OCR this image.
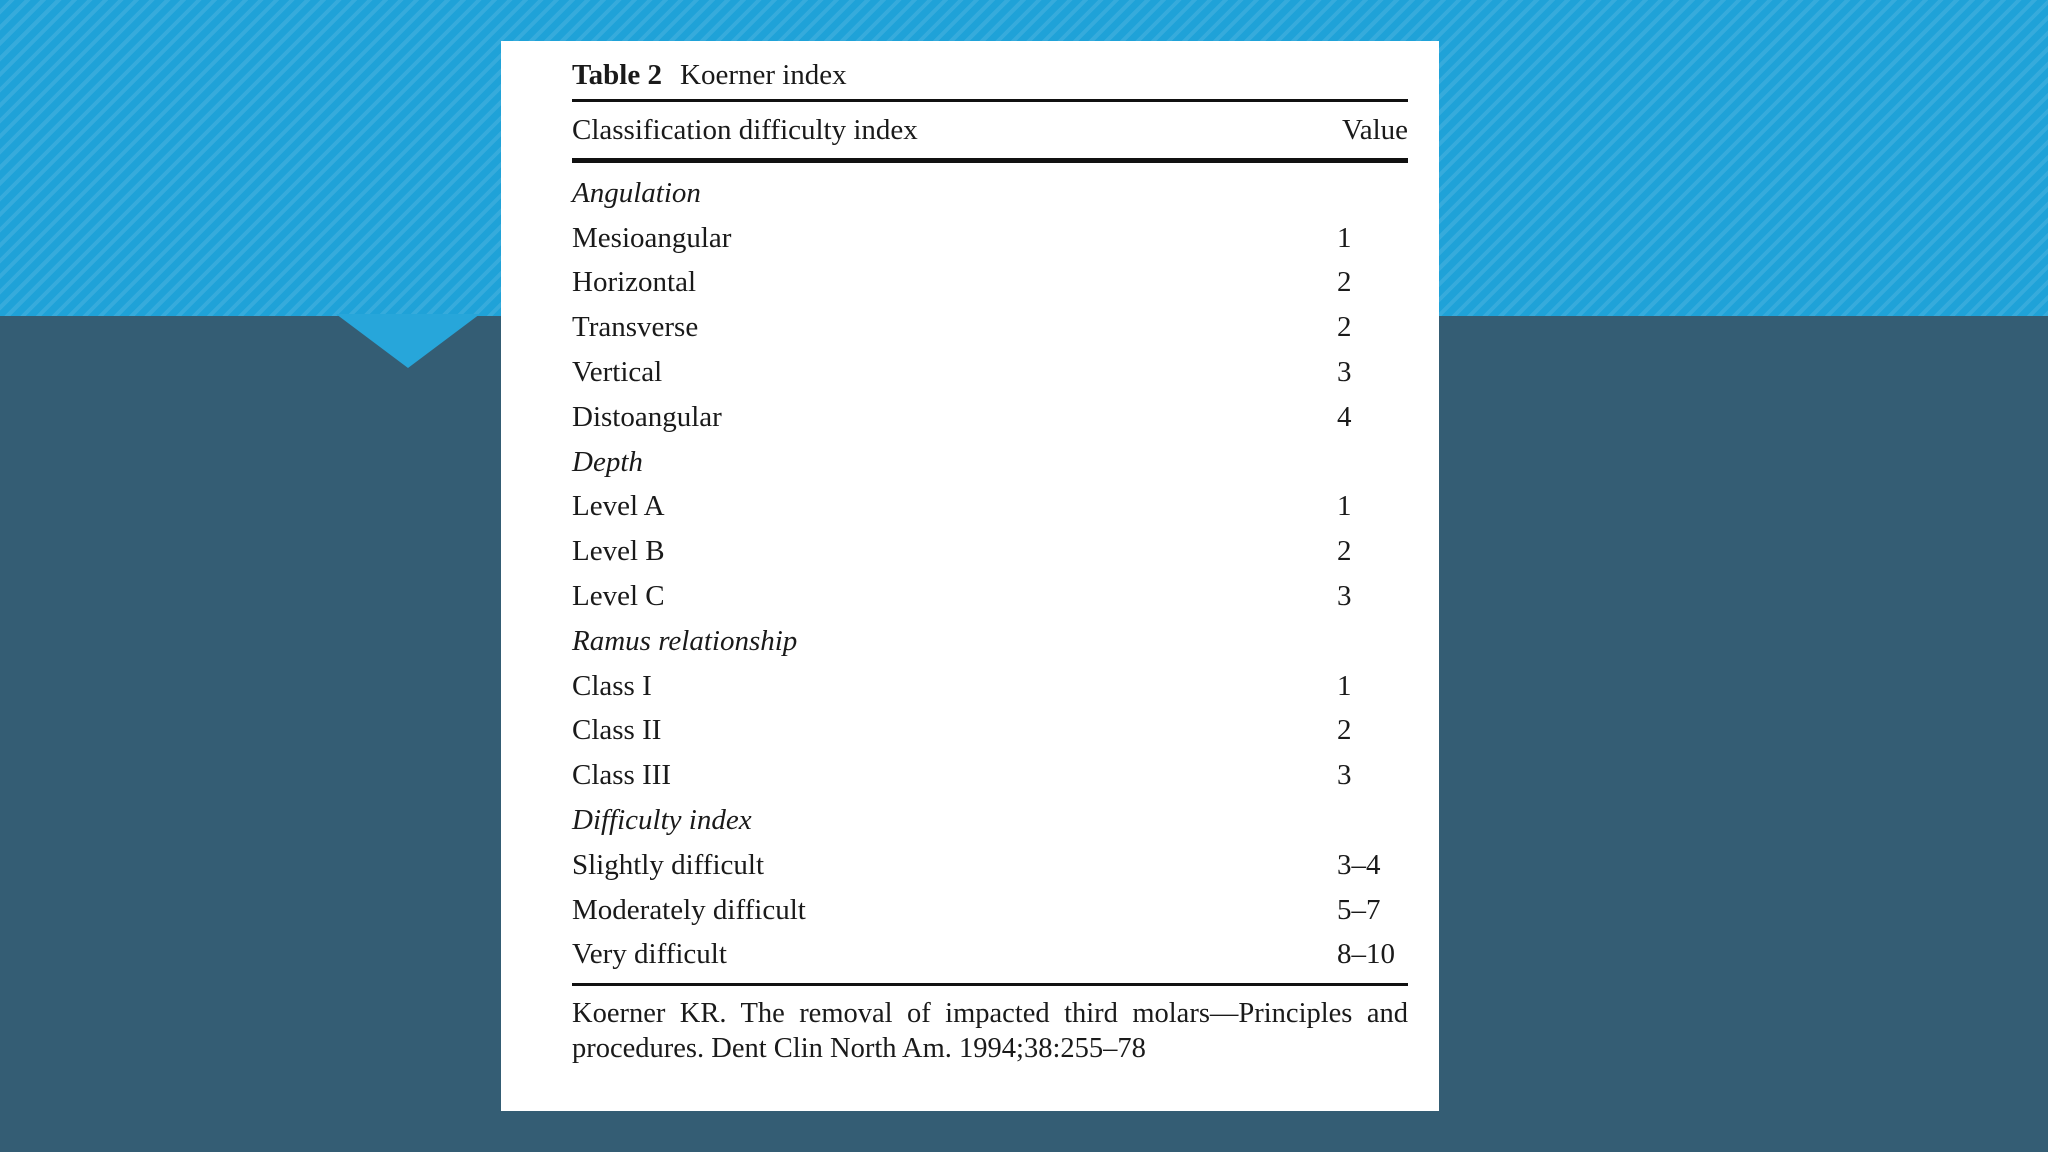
Table 2 Koerner index
Classification difficulty index	Value
Angulation
Mesioangular	1
Horizontal	2
Transverse	2
Vertical	3
Distoangular	4
Depth
Level A	1
Level B	2
Level C	3
Ramus relationship
Class I	1
Class II	2
Class III	3
Difficulty index
Slightly difficult	3–4
Moderately difficult	5–7
Very difficult	8–10
Koerner KR. The removal of impacted third molars—Principles and procedures. Dent Clin North Am. 1994;38:255–78
